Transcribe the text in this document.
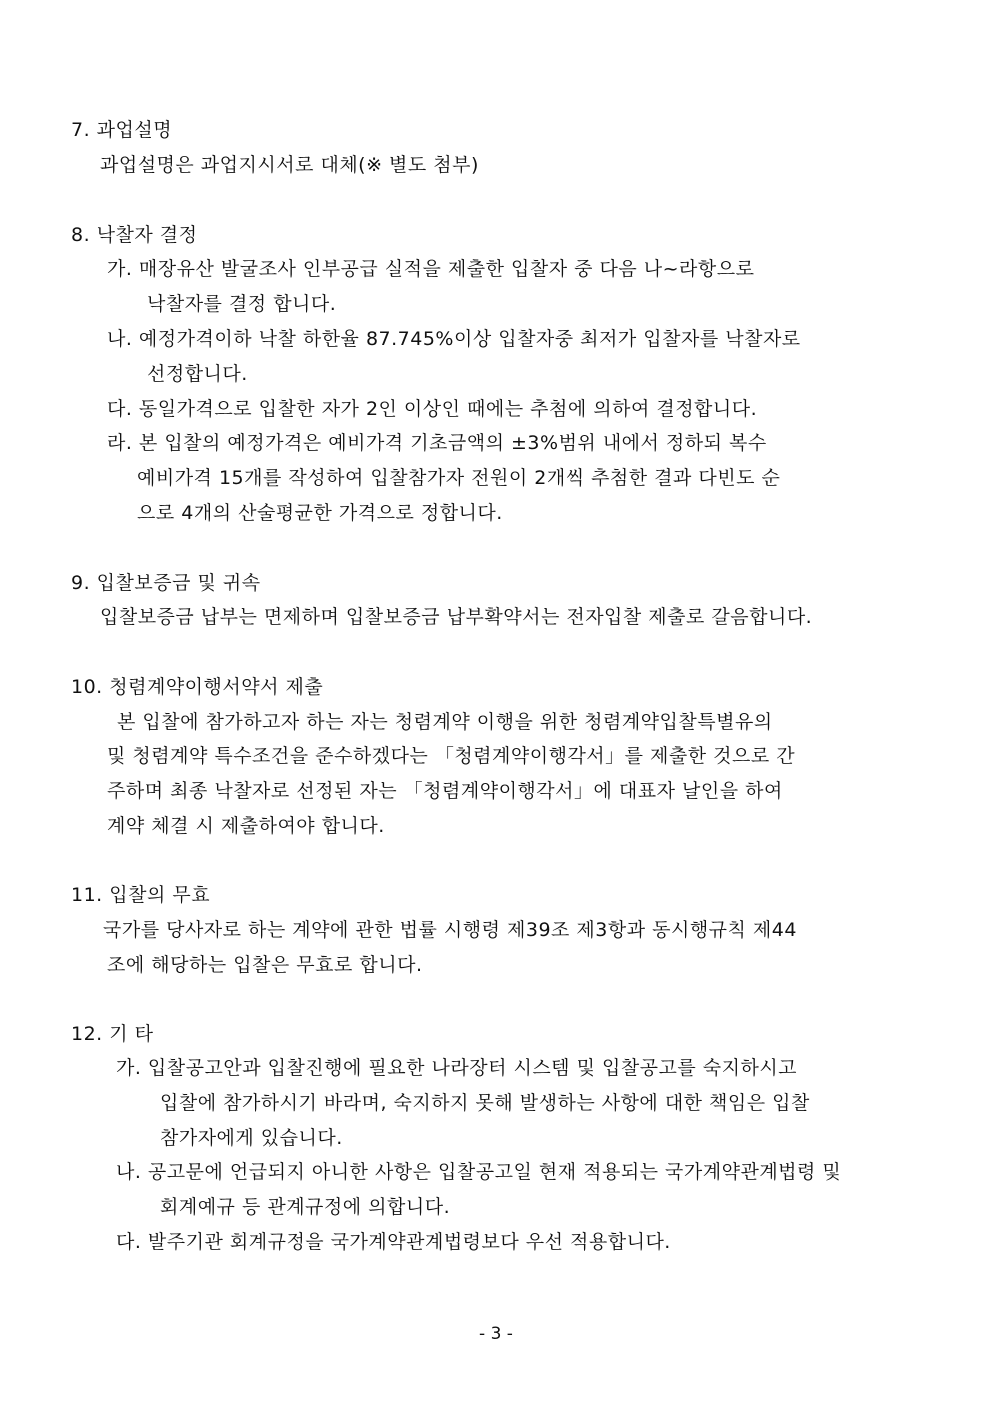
7. 과업설명
과업설명은 과업지시서로 대체(※ 별도 첨부)
8. 낙찰자 결정
가. 매장유산 발굴조사 인부공급 실적을 제출한 입찰자 중 다음 나~라항으로
낙찰자를 결정 합니다.
나. 예정가격이하 낙찰 하한율 87.745%이상 입찰자중 최저가 입찰자를 낙찰자로
선정합니다.
다. 동일가격으로 입찰한 자가 2인 이상인 때에는 추첨에 의하여 결정합니다.
라. 본 입찰의 예정가격은 예비가격 기초금액의 ±3%범위 내에서 정하되 복수
예비가격 15개를 작성하여 입찰참가자 전원이 2개씩 추첨한 결과 다빈도 순
으로 4개의 산술평균한 가격으로 정합니다.
9. 입찰보증금 및 귀속
입찰보증금 납부는 면제하며 입찰보증금 납부확약서는 전자입찰 제출로 갈음합니다.
10. 청렴계약이행서약서 제출
본 입찰에 참가하고자 하는 자는 청렴계약 이행을 위한 청렴계약입찰특별유의
및 청렴계약 특수조건을 준수하겠다는 「청렴계약이행각서」를 제출한 것으로 간
주하며 최종 낙찰자로 선정된 자는 「청렴계약이행각서」에 대표자 날인을 하여
계약 체결 시 제출하여야 합니다.
11. 입찰의 무효
국가를 당사자로 하는 계약에 관한 법률 시행령 제39조 제3항과 동시행규칙 제44
조에 해당하는 입찰은 무효로 합니다.
12. 기 타
가. 입찰공고안과 입찰진행에 필요한 나라장터 시스템 및 입찰공고를 숙지하시고
입찰에 참가하시기 바라며, 숙지하지 못해 발생하는 사항에 대한 책임은 입찰
참가자에게 있습니다.
나. 공고문에 언급되지 아니한 사항은 입찰공고일 현재 적용되는 국가계약관계법령 및
회계예규 등 관계규정에 의합니다.
다. 발주기관 회계규정을 국가계약관계법령보다 우선 적용합니다.
- 3 -
